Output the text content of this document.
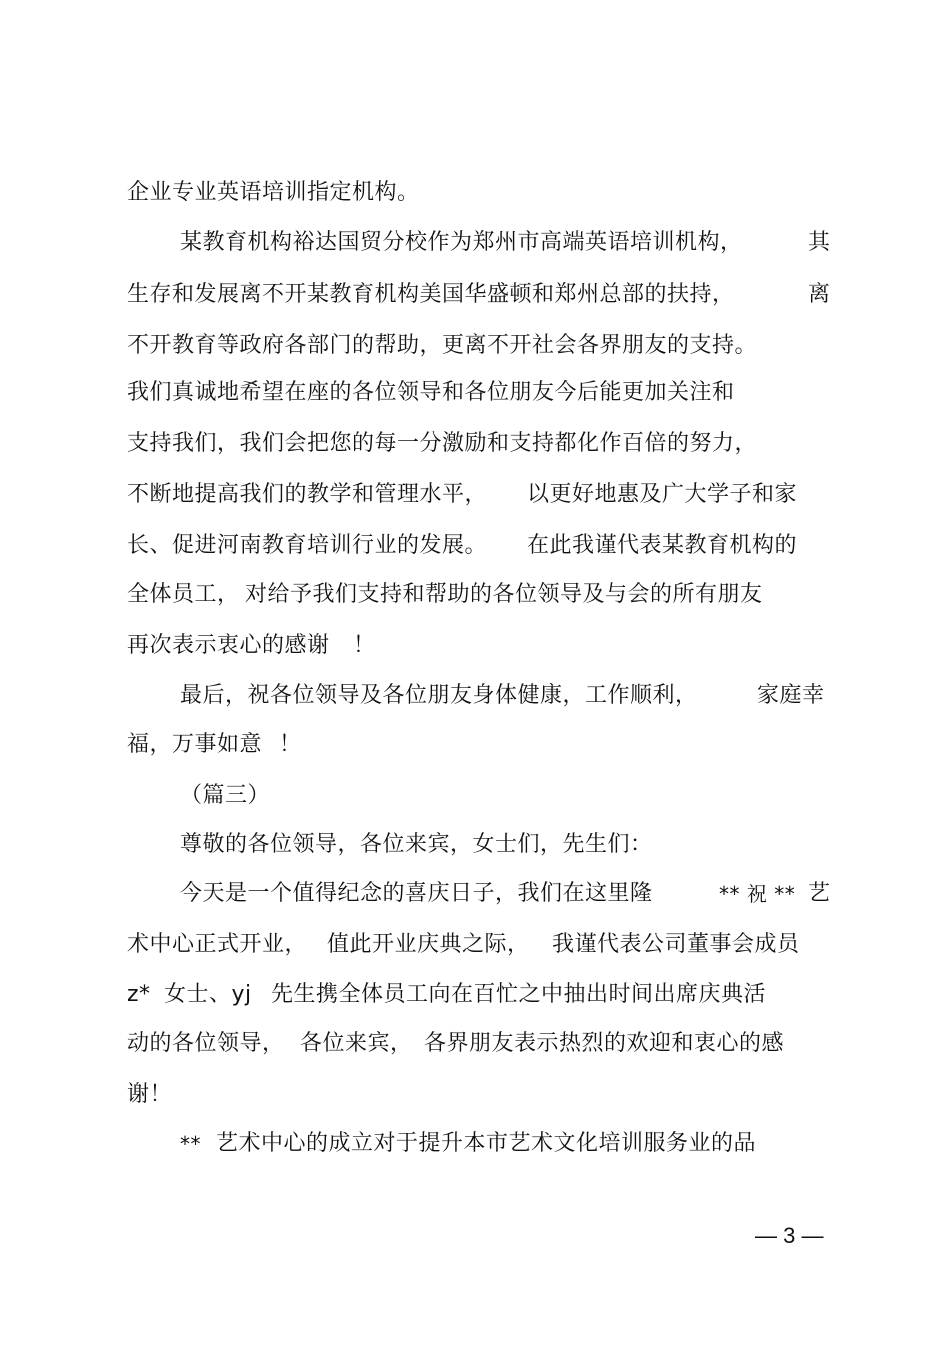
企业专业英语培训指定机构。
某教育机构裕达国贸分校作为郑州市高端英语培训机构，	其
生存和发展离不开某教育机构美国华盛顿和郑州总部的扶持，	离
不开教育等政府各部门的帮助，更离不开社会各界朋友的支持。
我们真诚地希望在座的各位领导和各位朋友今后能更加关注和
支持我们，我们会把您的每一分激励和支持都化作百倍的努力，
不断地提高我们的教学和管理水平， 以更好地惠及广大学子和家
长、促进河南教育培训行业的发展。 在此我谨代表某教育机构的
全体员工， 对给予我们支持和帮助的各位领导及与会的所有朋友
再次表示衷心的感谢 ！
最后，祝各位领导及各位朋友身体健康，工作顺利，	家庭幸
福，万事如意 ！
（篇三）
尊敬的各位领导，各位来宾，女士们，先生们：
今天是一个值得纪念的喜庆日子，我们在这里隆	** 祝 ** 艺
术中心正式开业， 值此开业庆典之际， 我谨代表公司董事会成员
z* 女士、yj 先生携全体员工向在百忙之中抽出时间出席庆典活
动的各位领导， 各位来宾， 各界朋友表示热烈的欢迎和衷心的感
谢！
** 艺术中心的成立对于提升本市艺术文化培训服务业的品
— 3 —
